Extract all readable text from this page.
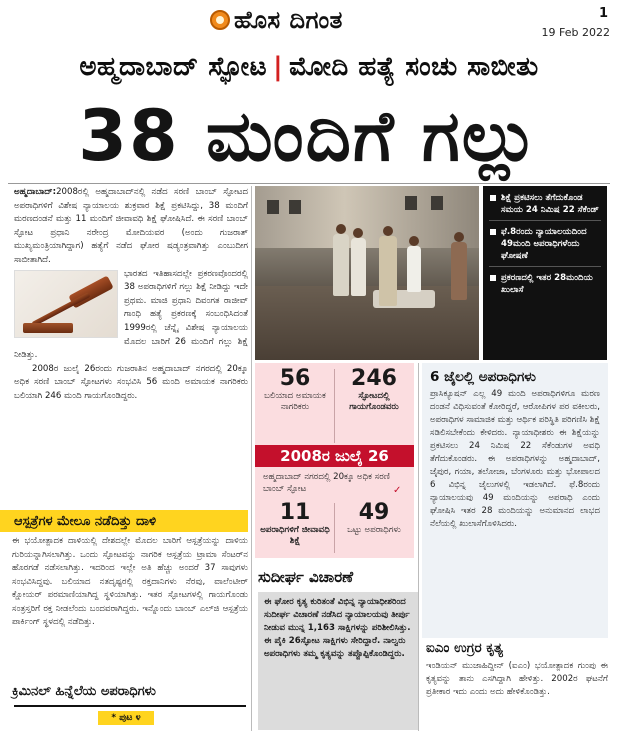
ಹೊಸ ದಿಗಂತ	1
19 Feb 2022
ಅಹ್ಮದಾಬಾದ್ ಸ್ಫೋಟ | ಮೋದಿ ಹತ್ಯೆ ಸಂಚು ಸಾಬೀತು
38 ಮಂದಿಗೆ ಗಲ್ಲು

ಅಹ್ಮದಾಬಾದ್:2008ರಲ್ಲಿ ಅಹ್ಮದಾಬಾದ್‌ನಲ್ಲಿ ನಡೆದ ಸರಣಿ ಬಾಂಬ್ ಸ್ಫೋಟದ ಅಪರಾಧಿಗಳಿಗೆ ವಿಶೇಷ ನ್ಯಾಯಾಲಯ ಶುಕ್ರವಾರ ಶಿಕ್ಷೆ ಪ್ರಕಟಿಸಿದ್ದು, 38 ಮಂದಿಗೆ ಮರಣದಂಡನೆ ಮತ್ತು 11 ಮಂದಿಗೆ ಜೀವಾವಧಿ ಶಿಕ್ಷೆ ಘೋಷಿಸಿದೆ. ಈ ಸರಣಿ ಬಾಂಬ್ ಸ್ಫೋಟ ಪ್ರಧಾನಿ ನರೇಂದ್ರ ಮೋದಿಯವರ (ಅಂದು ಗುಜರಾತ್ ಮುಖ್ಯಮಂತ್ರಿಯಾಗಿದ್ದಾಗ) ಹತ್ಯೆಗೆ ನಡೆದ ಘೋರ ಷಡ್ಯಂತ್ರವಾಗಿತ್ತು ಎಂಬುದೀಗ ಸಾಬೀತಾಗಿದೆ.

ಭಾರತದ ಇತಿಹಾಸದಲ್ಲೇ ಪ್ರಕರಣವೊಂದರಲ್ಲಿ 38 ಅಪರಾಧಿಗಳಿಗೆ ಗಲ್ಲು ಶಿಕ್ಷೆ ನೀಡಿದ್ದು ಇದೇ ಪ್ರಥಮ. ಮಾಜಿ ಪ್ರಧಾನಿ ದಿವಂಗತ ರಾಜೀವ್ ಗಾಂಧಿ ಹತ್ಯೆ ಪ್ರಕರಣಕ್ಕೆ ಸಂಬಂಧಿಸಿದಂತೆ 1999ರಲ್ಲಿ ಚೆನ್ನೈ ವಿಶೇಷ ನ್ಯಾಯಾಲಯ ಮೊದಲ ಬಾರಿಗೆ 26 ಮಂದಿಗೆ ಗಲ್ಲು ಶಿಕ್ಷೆ ನೀಡಿತ್ತು.

2008ರ ಜುಲೈ 26ರಂದು ಗುಜರಾತಿನ ಅಹ್ಮದಾಬಾದ್ ನಗರದಲ್ಲಿ 20ಕ್ಕೂ ಅಧಿಕ ಸರಣಿ ಬಾಂಬ್ ಸ್ಫೋಟಗಳು ಸಂಭವಿಸಿ 56 ಮಂದಿ ಅಮಾಯಕ ನಾಗರಿಕರು ಬಲಿಯಾಗಿ 246 ಮಂದಿ ಗಾಯಗೊಂಡಿದ್ದರು.

ಶಿಕ್ಷೆ ಪ್ರಕಟಿಸಲು ತೆಗೆದುಕೊಂಡ ಸಮಯ 24 ನಿಮಿಷ 22 ಸೆಕೆಂಡ್
ಫೆ.8ರಂದು ನ್ಯಾಯಾಲಯದಿಂದ 49ಮಂದಿ ಅಪರಾಧಿಗಳೆಂದು ಘೋಷಣೆ
ಪ್ರಕರಣದಲ್ಲಿ ಇತರ 28ಮಂದಿಯ ಖುಲಾಸೆ
56
ಬಲಿಯಾದ ಅಮಾಯಕ ನಾಗರಿಕರು
246
ಸ್ಫೋಟದಲ್ಲಿ ಗಾಯಗೊಂಡವರು
2008ರ ಜುಲೈ 26
ಅಹ್ಮದಾಬಾದ್ ನಗರದಲ್ಲಿ 20ಕ್ಕೂ ಅಧಿಕ ಸರಣಿ ಬಾಂಬ್ ಸ್ಫೋಟ	✓
11
ಅಪರಾಧಿಗಳಿಗೆ ಜೀವಾವಧಿ ಶಿಕ್ಷೆ
49
ಒಟ್ಟು ಅಪರಾಧಿಗಳು
6 ಜೈಲಲ್ಲಿ ಅಪರಾಧಿಗಳು
ಪ್ರಾಸಿಕ್ಯೂಷನ್ ಎಲ್ಲ 49 ಮಂದಿ ಅಪರಾಧಿಗಳಿಗೂ ಮರಣ ದಂಡನೆ ವಿಧಿಸುವಂತೆ ಕೋರಿದ್ದರೆ, ಆರೋಪಿಗಳ ಪರ ವಕೀಲರು, ಅಪರಾಧಿಗಳ ಸಾಮಾಜಿಕ ಮತ್ತು ಆರ್ಥಿಕ ಪರಿಸ್ಥಿತಿ ಪರಿಗಣಿಸಿ ಶಿಕ್ಷೆ ಸಡಿಲಿಸಬೇಕೆಂದು ಕೇಳಿದರು. ನ್ಯಾಯಾಧೀಶರು ಈ ಶಿಕ್ಷೆಯನ್ನು ಪ್ರಕಟಿಸಲು 24 ನಿಮಿಷ 22 ಸೆಕೆಂಡುಗಳ ಅವಧಿ ತೆಗೆದುಕೊಂಡರು. ಈ ಅಪರಾಧಿಗಳನ್ನು ಅಹ್ಮದಾಬಾದ್, ಜೈಪುರ, ಗಯಾ, ತಲೋಜಾ, ಬೆಂಗಳೂರು ಮತ್ತು ಭೋಪಾಲದ 6 ವಿಭಿನ್ನ ಜೈಲುಗಳಲ್ಲಿ ಇಡಲಾಗಿದೆ. ಫೆ.8ರಂದು ನ್ಯಾಯಾಲಯವು 49 ಮಂದಿಯನ್ನು ಅಪರಾಧಿ ಎಂದು ಘೋಷಿಸಿ ಇತರ 28 ಮಂದಿಯನ್ನು ಅನುಮಾನದ ಲಾಭದ ನೆಲೆಯಲ್ಲಿ ಖುಲಾಸೆಗೊಳಿಸಿದರು.
ಆಸ್ಪತ್ರೆಗಳ ಮೇಲೂ ನಡೆದಿತ್ತು ದಾಳಿ
ಈ ಭಯೋತ್ಪಾದಕ ದಾಳಿಯಲ್ಲಿ ದೇಶದಲ್ಲೇ ಮೊದಲ ಬಾರಿಗೆ ಆಸ್ಪತ್ರೆಯನ್ನು ದಾಳಿಯ ಗುರಿಯನ್ನಾಗಿಸಲಾಗಿತ್ತು. ಒಂದು ಸ್ಫೋಟವನ್ನು ನಾಗರಿಕ ಆಸ್ಪತ್ರೆಯ ಟ್ರಾಮಾ ಸೆಂಟರ್‌ನ ಹೊರಗಡೆ ನಡೆಸಲಾಗಿತ್ತು. ಇದರಿಂದ ಇಲ್ಲೇ ಅತಿ ಹೆಚ್ಚು ಅಂದರೆ 37 ಸಾವುಗಳು ಸಂಭವಿಸಿದ್ದವು. ಬಲಿಯಾದ ನತದೃಷ್ಟರಲ್ಲಿ ರಕ್ತದಾನಿಗಳು ನೆರವು, ವಾಲೆಂಟೀರ್ ಕ್ಷೋಯರ್ ಪರಮಾಣಿಯಾಗಿದ್ದ ಸ್ಥಳಿಯಾಗಿತ್ತು. ಇತರ ಸ್ಫೋಟಗಳಲ್ಲಿ ಗಾಯಗೊಂಡು ಸಂತ್ರಸ್ತರಿಗೆ ರಕ್ತ ನೀಡಲೆಂದು ಬಂದವರಾಗಿದ್ದರು. ಇನ್ನೊಂದು ಬಾಂಬ್ ಎಲ್‌ಜಿ ಆಸ್ಪತ್ರೆಯ ಪಾರ್ಕಿಂಗ್ ಸ್ಥಳದಲ್ಲಿ ನಡೆದಿತ್ತು.
ಕ್ರಿಮಿನಲ್ ಹಿನ್ನೆಲೆಯ ಅಪರಾಧಿಗಳು
* ಪುಟ ೪
ಸುದೀರ್ಘ ವಿಚಾರಣೆ
ಈ ಘೋರ ಕೃತ್ಯ ಕುರಿತಂತೆ ವಿಭಿನ್ನ ನ್ಯಾಯಾಧೀಶರಿಂದ ಸುದೀರ್ಘ ವಿಚಾರಣೆ ನಡೆಸಿದ ನ್ಯಾಯಾಲಯವು ತೀರ್ಪು ನೀಡುವ ಮುನ್ನ 1,163 ಸಾಕ್ಷಿಗಳನ್ನು ಪರಿಶೀಲಿಸಿತ್ತು. ಈ ಪೈಕಿ 26ಸ್ಫೋಟ ಸಾಕ್ಷಿಗಳು ಸೇರಿದ್ದಾರೆ. ನಾಲ್ವರು ಅಪರಾಧಿಗಳು ತಮ್ಮ ಕೃತ್ಯವನ್ನು ತಪ್ಪೊಪ್ಪಿಕೊಂಡಿದ್ದರು.	ಐಎಂ ಉಗ್ರರ ಕೃತ್ಯ
ಇಂಡಿಯನ್ ಮುಜಾಹಿದ್ದೀನ್ (ಐಎಂ) ಭಯೋತ್ಪಾದಕ ಗುಂಪು ಈ ಕೃತ್ಯವನ್ನು ತಾನು ಎಸಗಿದ್ದಾಗಿ ಹೇಳಿತ್ತು. 2002ರ ಘಟನೆಗೆ ಪ್ರತೀಕಾರ ಇದು ಎಂದು ಅದು ಹೇಳಿಕೊಂಡಿತ್ತು.
